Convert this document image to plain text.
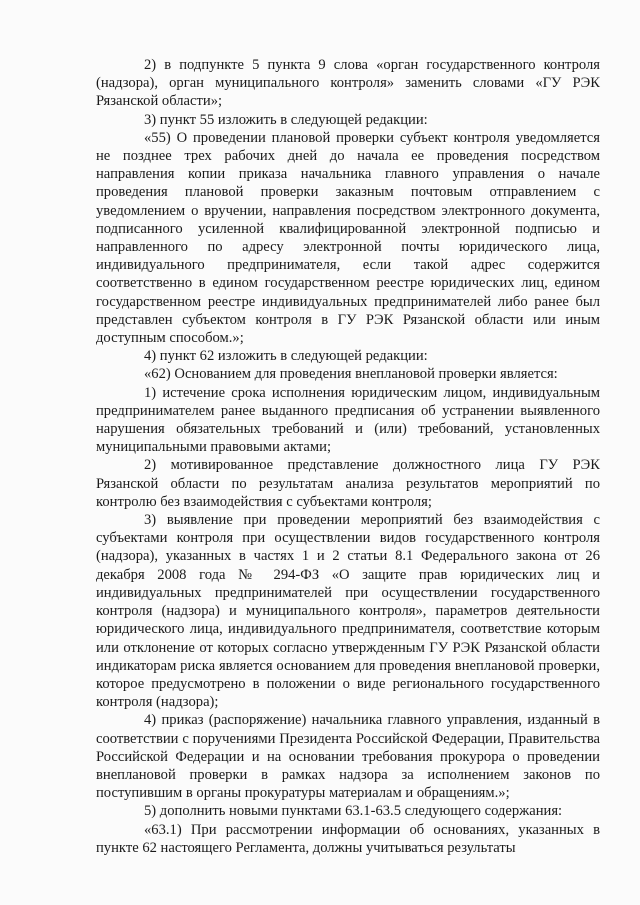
2) в подпункте 5 пункта 9 слова «орган государственного контроля (надзора), орган муниципального контроля» заменить словами «ГУ РЭК Рязанской области»;

3) пункт 55 изложить в следующей редакции:

«55) О проведении плановой проверки субъект контроля уведомляется не позднее трех рабочих дней до начала ее проведения посредством направления копии приказа начальника главного управления о начале проведения плановой проверки заказным почтовым отправлением с уведомлением о вручении, направления посредством электронного документа, подписанного усиленной квалифицированной электронной подписью и направленного по адресу электронной почты юридического лица, индивидуального предпринимателя, если такой адрес содержится соответственно в едином государственном реестре юридических лиц, едином государственном реестре индивидуальных предпринимателей либо ранее был представлен субъектом контроля в ГУ РЭК Рязанской области или иным доступным способом.»;

4) пункт 62 изложить в следующей редакции:

«62) Основанием для проведения внеплановой проверки является:

1) истечение срока исполнения юридическим лицом, индивидуальным предпринимателем ранее выданного предписания об устранении выявленного нарушения обязательных требований и (или) требований, установленных муниципальными правовыми актами;

2) мотивированное представление должностного лица ГУ РЭК Рязанской области по результатам анализа результатов мероприятий по контролю без взаимодействия с субъектами контроля;

3) выявление при проведении мероприятий без взаимодействия с субъектами контроля при осуществлении видов государственного контроля (надзора), указанных в частях 1 и 2 статьи 8.1 Федерального закона от 26 декабря 2008 года № 294-ФЗ «О защите прав юридических лиц и индивидуальных предпринимателей при осуществлении государственного контроля (надзора) и муниципального контроля», параметров деятельности юридического лица, индивидуального предпринимателя, соответствие которым или отклонение от которых согласно утвержденным ГУ РЭК Рязанской области индикаторам риска является основанием для проведения внеплановой проверки, которое предусмотрено в положении о виде регионального государственного контроля (надзора);

4) приказ (распоряжение) начальника главного управления, изданный в соответствии с поручениями Президента Российской Федерации, Правительства Российской Федерации и на основании требования прокурора о проведении внеплановой проверки в рамках надзора за исполнением законов по поступившим в органы прокуратуры материалам и обращениям.»;

5) дополнить новыми пунктами 63.1-63.5 следующего содержания:

«63.1) При рассмотрении информации об основаниях, указанных в пункте 62 настоящего Регламента, должны учитываться результаты
